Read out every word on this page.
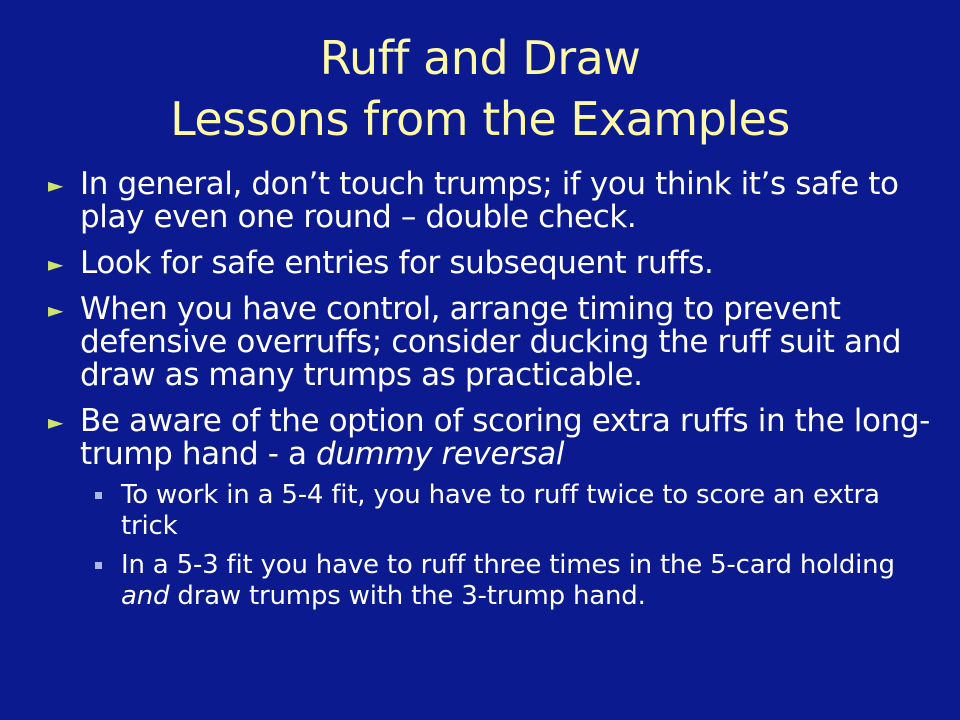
Ruff and Draw
Lessons from the Examples
► In general, don’t touch trumps; if you think it’s safe to play even one round – double check.
► Look for safe entries for subsequent ruffs.
► When you have control, arrange timing to prevent defensive overruffs; consider ducking the ruff suit and draw as many trumps as practicable.
► Be aware of the option of scoring extra ruffs in the long-trump hand - a dummy reversal
To work in a 5-4 fit, you have to ruff twice to score an extra trick
In a 5-3 fit you have to ruff three times in the 5-card holding and draw trumps with the 3-trump hand.
